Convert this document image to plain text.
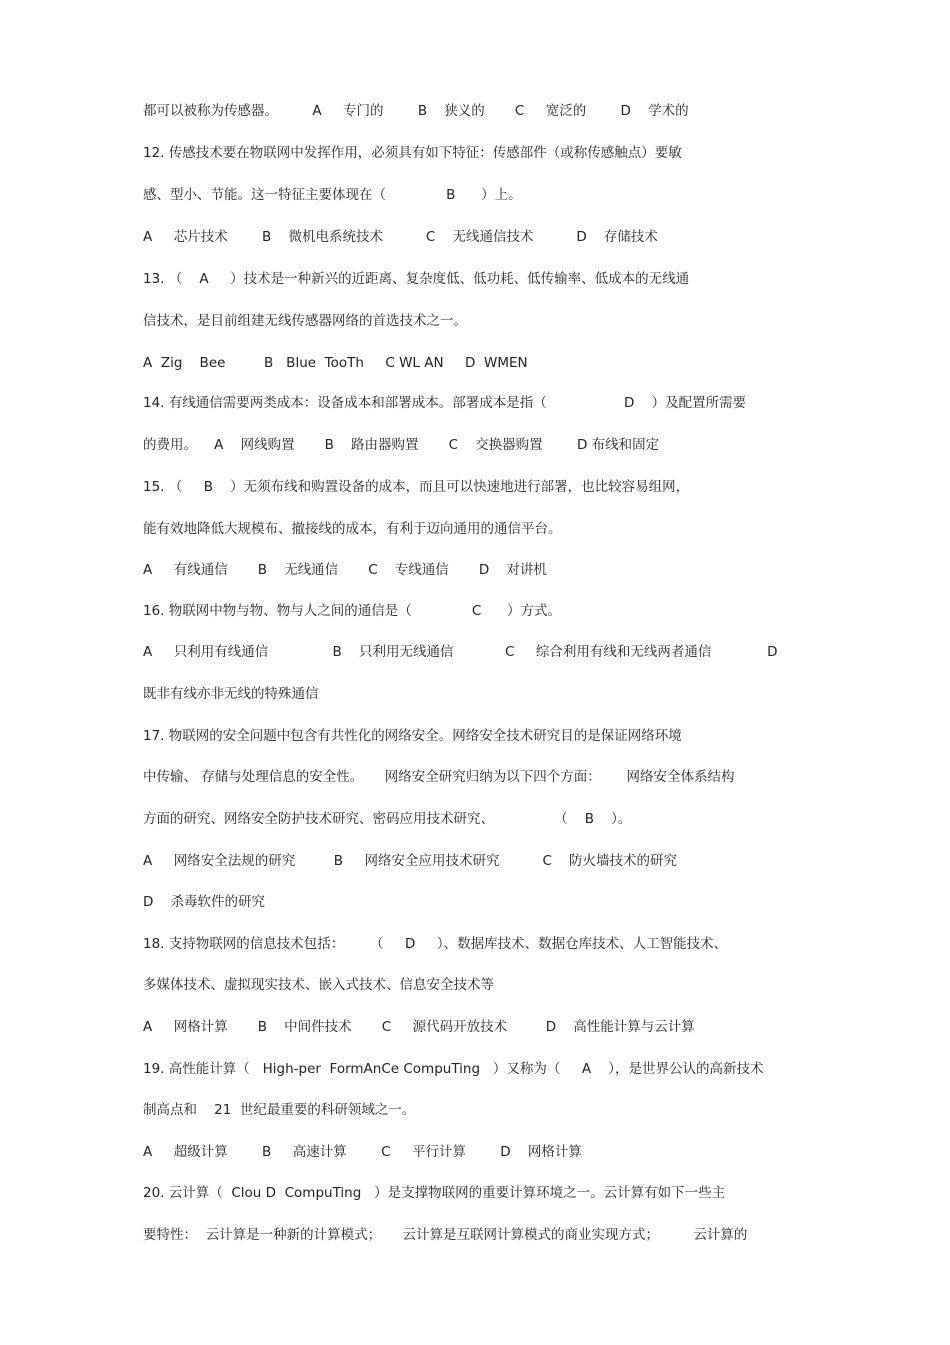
都可以被称为传感器。        A     专门的        B    狭义的       C     宽泛的        D    学术的
12. 传感技术要在物联网中发挥作用，必须具有如下特征：传感部件（或称传感触点）要敏
感、型小、节能。这一特征主要体现在（              B      ）上。
A     芯片技术        B    微机电系统技术          C    无线通信技术          D    存储技术
13. （    A     ）技术是一种新兴的近距离、复杂度低、低功耗、低传输率、低成本的无线通
信技术，是目前组建无线传感器网络的首选技术之一。
A  Zig    Bee         B   Blue  TooTh     C WL AN     D  WMEN
14. 有线通信需要两类成本：设备成本和部署成本。部署成本是指（                  D    ）及配置所需要
的费用。    A    网线购置       B    路由器购置       C    交换器购置        D 布线和固定
15. （     B    ）无须布线和购置设备的成本，而且可以快速地进行部署，也比较容易组网，
能有效地降低大规模布、撤接线的成本，有利于迈向通用的通信平台。
A     有线通信       B    无线通信       C    专线通信       D    对讲机
16. 物联网中物与物、物与人之间的通信是（              C      ）方式。
A     只利用有线通信               B    只利用无线通信            C     综合利用有线和无线两者通信             D
既非有线亦非无线的特殊通信
17. 物联网的安全问题中包含有共性化的网络安全。网络安全技术研究目的是保证网络环境
中传输、 存储与处理信息的安全性。     网络安全研究归纳为以下四个方面：      网络安全体系结构
方面的研究、网络安全防护技术研究、密码应用技术研究、              （    B    ）。
A     网络安全法规的研究         B     网络安全应用技术研究          C    防火墙技术的研究
D    杀毒软件的研究
18. 支持物联网的信息技术包括：      （     D     ）、数据库技术、数据仓库技术、人工智能技术、
多媒体技术、虚拟现实技术、嵌入式技术、信息安全技术等
A     网格计算       B    中间件技术       C     源代码开放技术         D    高性能计算与云计算
19. 高性能计算（   High-per  FormAnCe CompuTing   ）又称为（     A    ），是世界公认的高新技术
制高点和    21  世纪最重要的科研领域之一。
A     超级计算        B     高速计算        C     平行计算        D    网格计算
20. 云计算（  Clou D  CompuTing   ）是支撑物联网的重要计算环境之一。云计算有如下一些主
要特性：  云计算是一种新的计算模式；     云计算是互联网计算模式的商业实现方式；        云计算的
